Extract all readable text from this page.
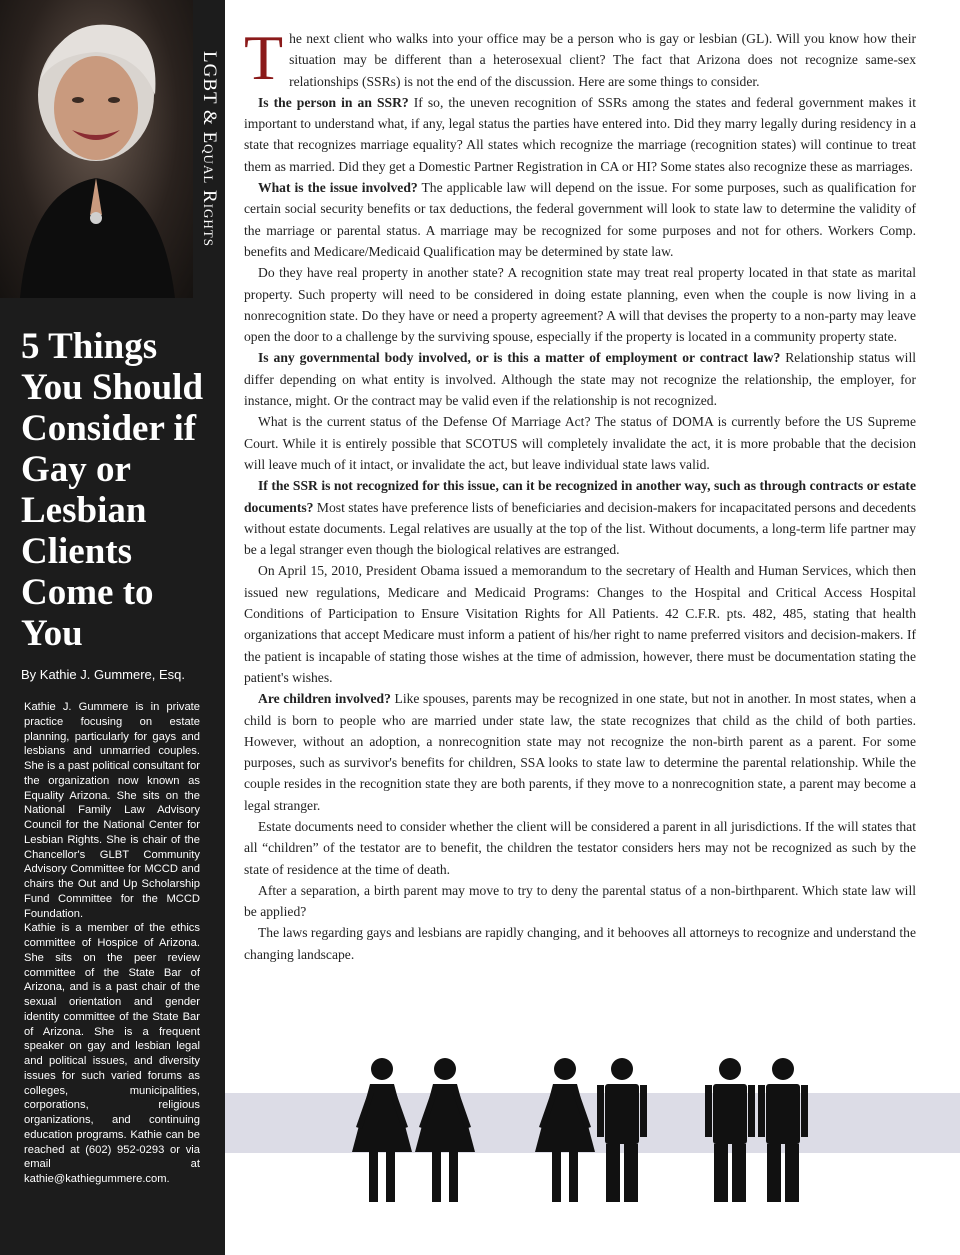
LGBT & Equal Rights
5 Things You Should Consider if Gay or Lesbian Clients Come to You
By Kathie J. Gummere, Esq.

Kathie J. Gummere is in private practice focusing on estate planning, particularly for gays and lesbians and unmarried couples. She is a past political consultant for the organization now known as Equality Arizona. She sits on the National Family Law Advisory Council for the National Center for Lesbian Rights. She is chair of the Chancellor's GLBT Community Advisory Committee for MCCD and chairs the Out and Up Scholarship Fund Committee for the MCCD Foundation.

Kathie is a member of the ethics committee of Hospice of Arizona. She sits on the peer review committee of the State Bar of Arizona, and is a past chair of the sexual orientation and gender identity committee of the State Bar of Arizona. She is a frequent speaker on gay and lesbian legal and political issues, and diversity issues for such varied forums as colleges, municipalities, corporations, religious organizations, and continuing education programs. Kathie can be reached at (602) 952-0293 or via email at kathie@kathiegummere.com.

The next client who walks into your office may be a person who is gay or lesbian (GL). Will you know how their situation may be different than a heterosexual client? The fact that Arizona does not recognize same-sex relationships (SSRs) is not the end of the discussion. Here are some things to consider.

Is the person in an SSR? If so, the uneven recognition of SSRs among the states and federal government makes it important to understand what, if any, legal status the parties have entered into. Did they marry legally during residency in a state that recognizes marriage equality? All states which recognize the marriage (recognition states) will continue to treat them as married. Did they get a Domestic Partner Registration in CA or HI? Some states also recognize these as marriages.

What is the issue involved? The applicable law will depend on the issue. For some purposes, such as qualification for certain social security benefits or tax deductions, the federal government will look to state law to determine the validity of the marriage or parental status. A marriage may be recognized for some purposes and not for others. Workers Comp. benefits and Medicare/Medicaid Qualification may be determined by state law.

Do they have real property in another state? A recognition state may treat real property located in that state as marital property. Such property will need to be considered in doing estate planning, even when the couple is now living in a nonrecognition state. Do they have or need a property agreement? A will that devises the property to a non-party may leave open the door to a challenge by the surviving spouse, especially if the property is located in a community property state.

Is any governmental body involved, or is this a matter of employment or contract law? Relationship status will differ depending on what entity is involved. Although the state may not recognize the relationship, the employer, for instance, might. Or the contract may be valid even if the relationship is not recognized.

What is the current status of the Defense Of Marriage Act? The status of DOMA is currently before the US Supreme Court. While it is entirely possible that SCOTUS will completely invalidate the act, it is more probable that the decision will leave much of it intact, or invalidate the act, but leave individual state laws valid.

If the SSR is not recognized for this issue, can it be recognized in another way, such as through contracts or estate documents? Most states have preference lists of beneficiaries and decision-makers for incapacitated persons and decedents without estate documents. Legal relatives are usually at the top of the list. Without documents, a long-term life partner may be a legal stranger even though the biological relatives are estranged.

On April 15, 2010, President Obama issued a memorandum to the secretary of Health and Human Services, which then issued new regulations, Medicare and Medicaid Programs: Changes to the Hospital and Critical Access Hospital Conditions of Participation to Ensure Visitation Rights for All Patients. 42 C.F.R. pts. 482, 485, stating that health organizations that accept Medicare must inform a patient of his/her right to name preferred visitors and decision-makers. If the patient is incapable of stating those wishes at the time of admission, however, there must be documentation stating the patient's wishes.

Are children involved? Like spouses, parents may be recognized in one state, but not in another. In most states, when a child is born to people who are married under state law, the state recognizes that child as the child of both parties. However, without an adoption, a nonrecognition state may not recognize the non-birth parent as a parent. For some purposes, such as survivor's benefits for children, SSA looks to state law to determine the parental relationship. While the couple resides in the recognition state they are both parents, if they move to a nonrecognition state, a parent may become a legal stranger.

Estate documents need to consider whether the client will be considered a parent in all jurisdictions. If the will states that all “children” of the testator are to benefit, the children the testator considers hers may not be recognized as such by the state of residence at the time of death.

After a separation, a birth parent may move to try to deny the parental status of a non-birthparent. Which state law will be applied?

The laws regarding gays and lesbians are rapidly changing, and it behooves all attorneys to recognize and understand the changing landscape.
